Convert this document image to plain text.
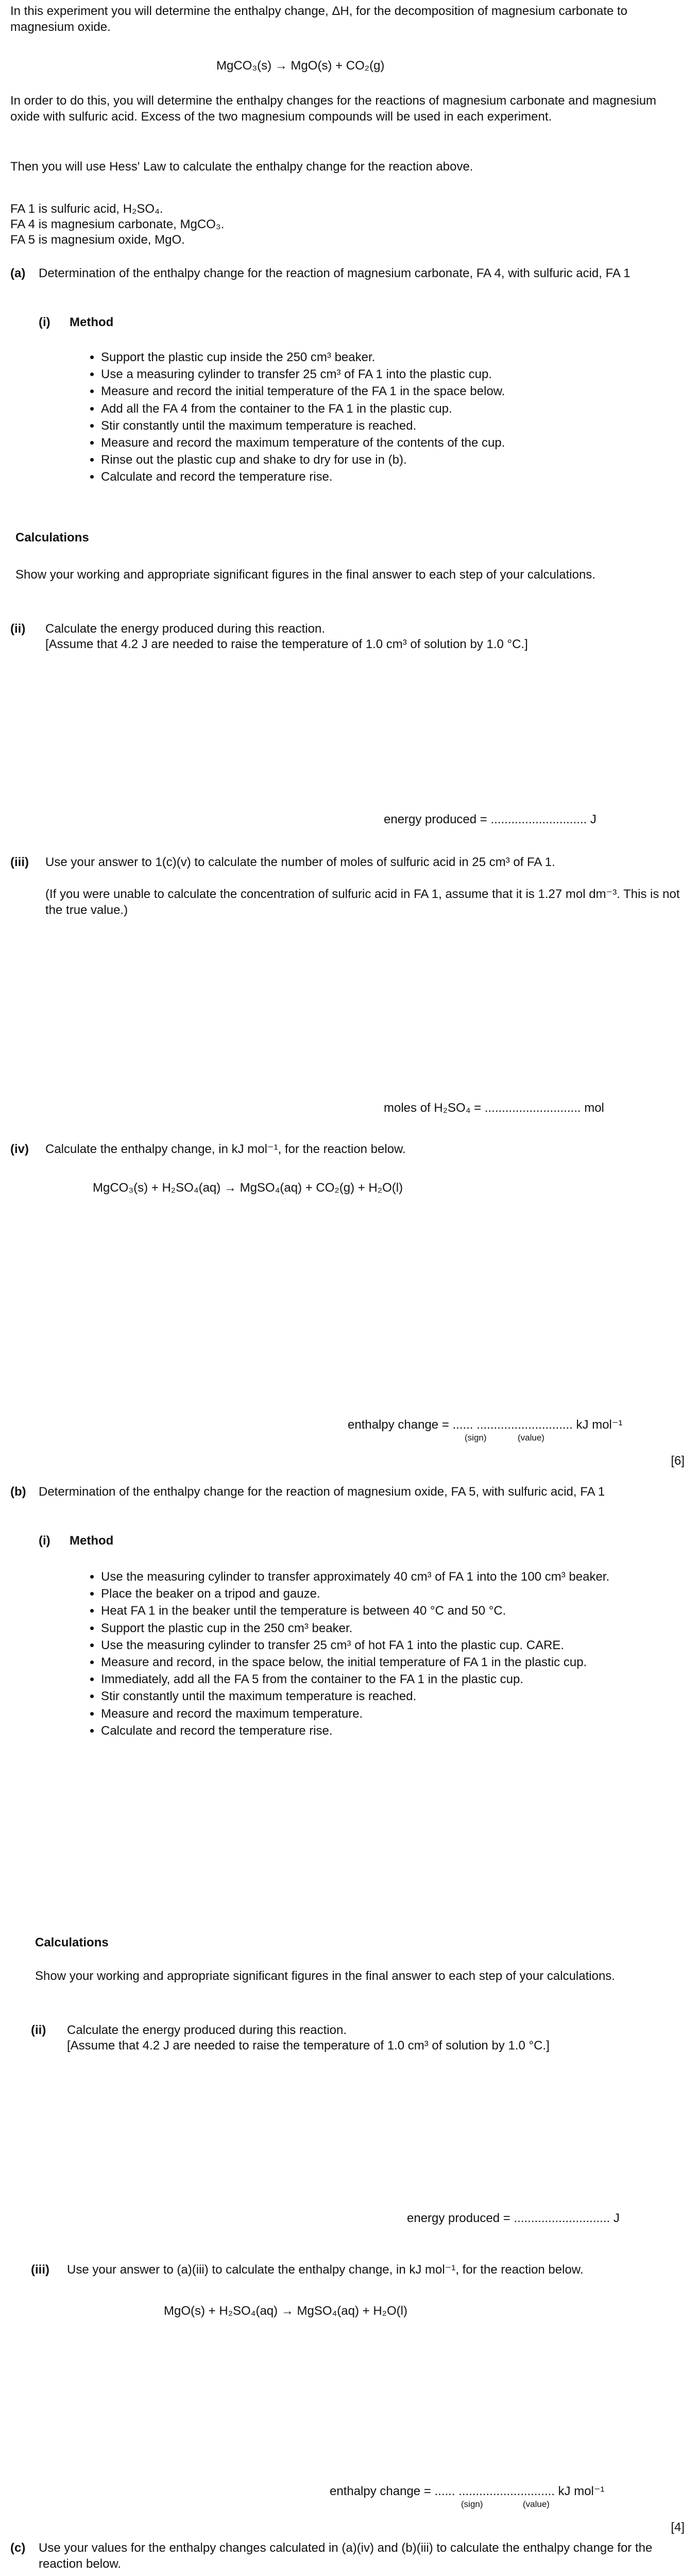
In this experiment you will determine the enthalpy change, ΔH, for the decomposition of magnesium carbonate to magnesium oxide.
MgCO₃(s) → MgO(s) + CO₂(g)
In order to do this, you will determine the enthalpy changes for the reactions of magnesium carbonate and magnesium oxide with sulfuric acid. Excess of the two magnesium compounds will be used in each experiment.
Then you will use Hess' Law to calculate the enthalpy change for the reaction above.
FA 1 is sulfuric acid, H₂SO₄.
FA 4 is magnesium carbonate, MgCO₃.
FA 5 is magnesium oxide, MgO.
(a) Determination of the enthalpy change for the reaction of magnesium carbonate, FA 4, with sulfuric acid, FA 1
(i) Method
• Support the plastic cup inside the 250 cm³ beaker.
• Use a measuring cylinder to transfer 25 cm³ of FA 1 into the plastic cup.
• Measure and record the initial temperature of the FA 1 in the space below.
• Add all the FA 4 from the container to the FA 1 in the plastic cup.
• Stir constantly until the maximum temperature is reached.
• Measure and record the maximum temperature of the contents of the cup.
• Rinse out the plastic cup and shake to dry for use in (b).
• Calculate and record the temperature rise.
Calculations
Show your working and appropriate significant figures in the final answer to each step of your calculations.
(ii) Calculate the energy produced during this reaction.
[Assume that 4.2 J are needed to raise the temperature of 1.0 cm³ of solution by 1.0 °C.]
energy produced = ............................ J
(iii) Use your answer to 1(c)(v) to calculate the number of moles of sulfuric acid in 25 cm³ of FA 1.
(If you were unable to calculate the concentration of sulfuric acid in FA 1, assume that it is 1.27 mol dm⁻³. This is not the true value.)
moles of H₂SO₄ = ............................ mol
(iv) Calculate the enthalpy change, in kJ mol⁻¹, for the reaction below.
MgCO₃(s) + H₂SO₄(aq) → MgSO₄(aq) + CO₂(g) + H₂O(l)
enthalpy change = ...... ............................ kJ mol⁻¹
(sign)	(value)
[6]
(b) Determination of the enthalpy change for the reaction of magnesium oxide, FA 5, with sulfuric acid, FA 1
(i) Method
• Use the measuring cylinder to transfer approximately 40 cm³ of FA 1 into the 100 cm³ beaker.
• Place the beaker on a tripod and gauze.
• Heat FA 1 in the beaker until the temperature is between 40 °C and 50 °C.
• Support the plastic cup in the 250 cm³ beaker.
• Use the measuring cylinder to transfer 25 cm³ of hot FA 1 into the plastic cup. CARE.
• Measure and record, in the space below, the initial temperature of FA 1 in the plastic cup.
• Immediately, add all the FA 5 from the container to the FA 1 in the plastic cup.
• Stir constantly until the maximum temperature is reached.
• Measure and record the maximum temperature.
• Calculate and record the temperature rise.
Calculations
Show your working and appropriate significant figures in the final answer to each step of your calculations.
(ii) Calculate the energy produced during this reaction.
[Assume that 4.2 J are needed to raise the temperature of 1.0 cm³ of solution by 1.0 °C.]
energy produced = ............................ J
(iii) Use your answer to (a)(iii) to calculate the enthalpy change, in kJ mol⁻¹, for the reaction below.
MgO(s) + H₂SO₄(aq) → MgSO₄(aq) + H₂O(l)
enthalpy change = ...... ............................ kJ mol⁻¹
(sign)	(value)
[4]
(c) Use your values for the enthalpy changes calculated in (a)(iv) and (b)(iii) to calculate the enthalpy change for the reaction below.
